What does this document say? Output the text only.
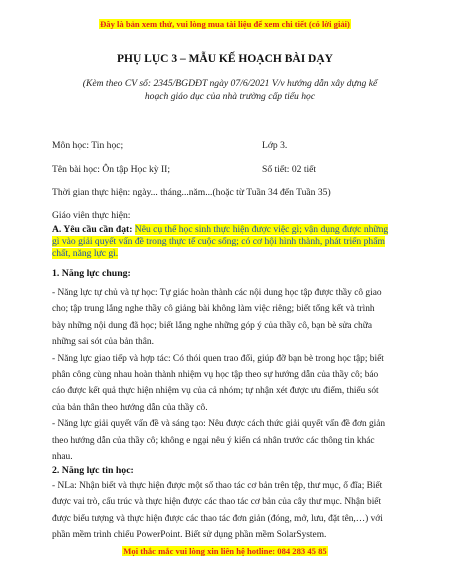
Đây là bản xem thử, vui lòng mua tài liệu để xem chi tiết (có lời giải)
PHỤ LỤC 3 – MẪU KẾ HOẠCH BÀI DẠY
(Kèm theo CV số: 2345/BGDĐT ngày 07/6/2021 V/v hướng dẫn xây dựng kế hoạch giáo dục của nhà trường cấp tiểu học
Môn học: Tin học;	Lớp 3.
Tên bài học: Ôn tập Học kỳ II;	Số tiết: 02 tiết
Thời gian thực hiện: ngày... tháng...năm...(hoặc từ Tuần 34 đến Tuần 35)
Giáo viên thực hiện:
A. Yêu cầu cần đạt: Nêu cụ thể học sinh thực hiện được việc gì; vận dụng được những gì vào giải quyết vấn đề trong thực tế cuộc sống; có cơ hội hình thành, phát triển phẩm chất, năng lực gì.
1. Năng lực chung:
- Năng lực tự chủ và tự học: Tự giác hoàn thành các nội dung học tập được thầy cô giao
cho; tập trung lắng nghe thầy cô giảng bài không làm việc riêng; biết tổng kết và trình
bày những nội dung đã học; biết lắng nghe những góp ý của thầy cô, bạn bè sửa chữa
những sai sót của bản thân.
- Năng lực giao tiếp và hợp tác: Có thói quen trao đổi, giúp đỡ bạn bè trong học tập; biết
phân công cùng nhau hoàn thành nhiệm vụ học tập theo sự hướng dẫn của thầy cô; báo
cáo được kết quả thực hiện nhiệm vụ của cả nhóm; tự nhận xét được ưu điểm, thiếu sót
của bản thân theo hướng dẫn của thầy cô.
- Năng lực giải quyết vấn đề và sáng tạo: Nêu được cách thức giải quyết vấn đề đơn giản
theo hướng dẫn của thầy cô; không e ngại nêu ý kiến cá nhân trước các thông tin khác
nhau.
2. Năng lực tin học:
- NLa: Nhận biết và thực hiện được một số thao tác cơ bản trên tệp, thư mục, ổ đĩa; Biết
được vai trò, cấu trúc và thực hiện được các thao tác cơ bản của cây thư mục. Nhận biết
được biểu tượng và thực hiện được các thao tác đơn giản (đóng, mở, lưu, đặt tên,…) với
phần mềm trình chiếu PowerPoint. Biết sử dụng phần mềm SolarSystem.
Mọi thắc mắc vui lòng xin liên hệ hotline: 084 283 45 85
